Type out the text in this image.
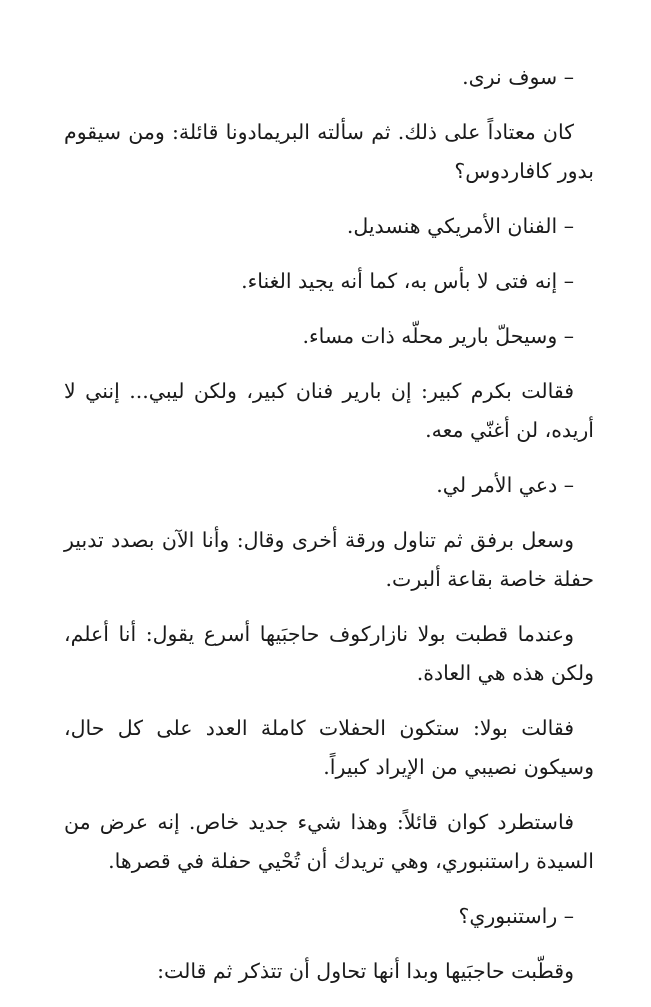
– سوف نرى.

كان معتاداً على ذلك. ثم سألته البريمادونا قائلة: ومن سيقوم بدور كافاردوس؟

– الفنان الأمريكي هنسديل.

– إنه فتى لا بأس به، كما أنه يجيد الغناء.

– وسيحلّ بارير محلّه ذات مساء.

فقالت بكرم كبير: إن بارير فنان كبير، ولكن ليبي... إنني لا أريده، لن أغنّي معه.

– دعي الأمر لي.

وسعل برفق ثم تناول ورقة أخرى وقال: وأنا الآن بصدد تدبير حفلة خاصة بقاعة ألبرت.

وعندما قطبت بولا نازاركوف حاجبَيها أسرع يقول: أنا أعلم، ولكن هذه هي العادة.

فقالت بولا: ستكون الحفلات كاملة العدد على كل حال، وسيكون نصيبي من الإيراد كبيراً.

فاستطرد كوان قائلاً: وهذا شيء جديد خاص. إنه عرض من السيدة راستنبوري، وهي تريدك أن تُحْيي حفلة في قصرها.

– راستنبوري؟

وقطّبت حاجبَيها وبدا أنها تحاول أن تتذكر ثم قالت:
